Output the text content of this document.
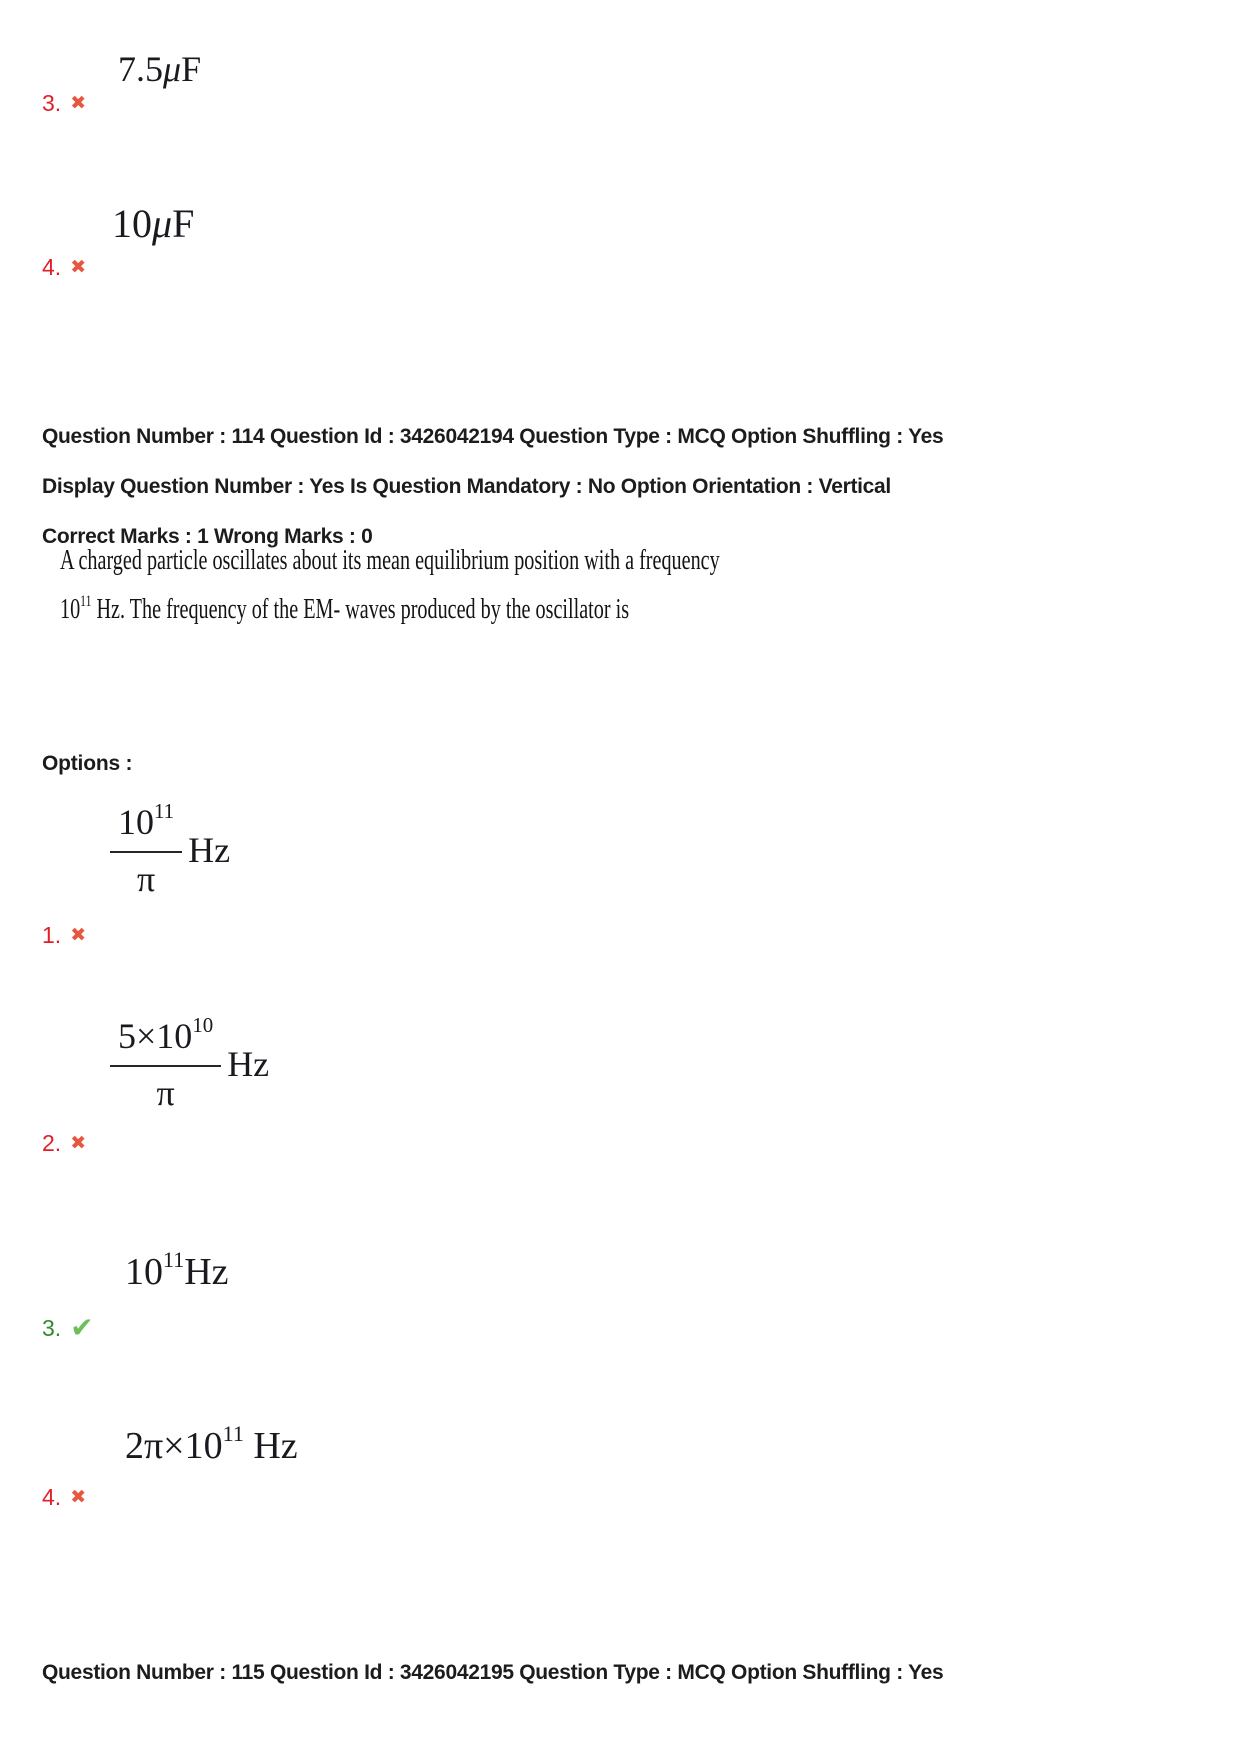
7.5 μ F
3. ✖
10 μ F
4. ✖
Question Number : 114 Question Id : 3426042194 Question Type : MCQ Option Shuffling : Yes
Display Question Number : Yes Is Question Mandatory : No Option Orientation : Vertical
Correct Marks : 1 Wrong Marks : 0
A charged particle oscillates about its mean equilibrium position with a frequency
$10^{11}$ Hz. The frequency of the EM- waves produced by the oscillator is
Options :
$\frac{10^{11}}{\pi}$ Hz
1. ✖
$\frac{5\times 10^{10}}{\pi}$ Hz
2. ✖
$10^{11}Hz$
3. ✔
$2\pi\times 10^{11}$ Hz
4. ✖
Question Number : 115 Question Id : 3426042195 Question Type : MCQ Option Shuffling : Yes
